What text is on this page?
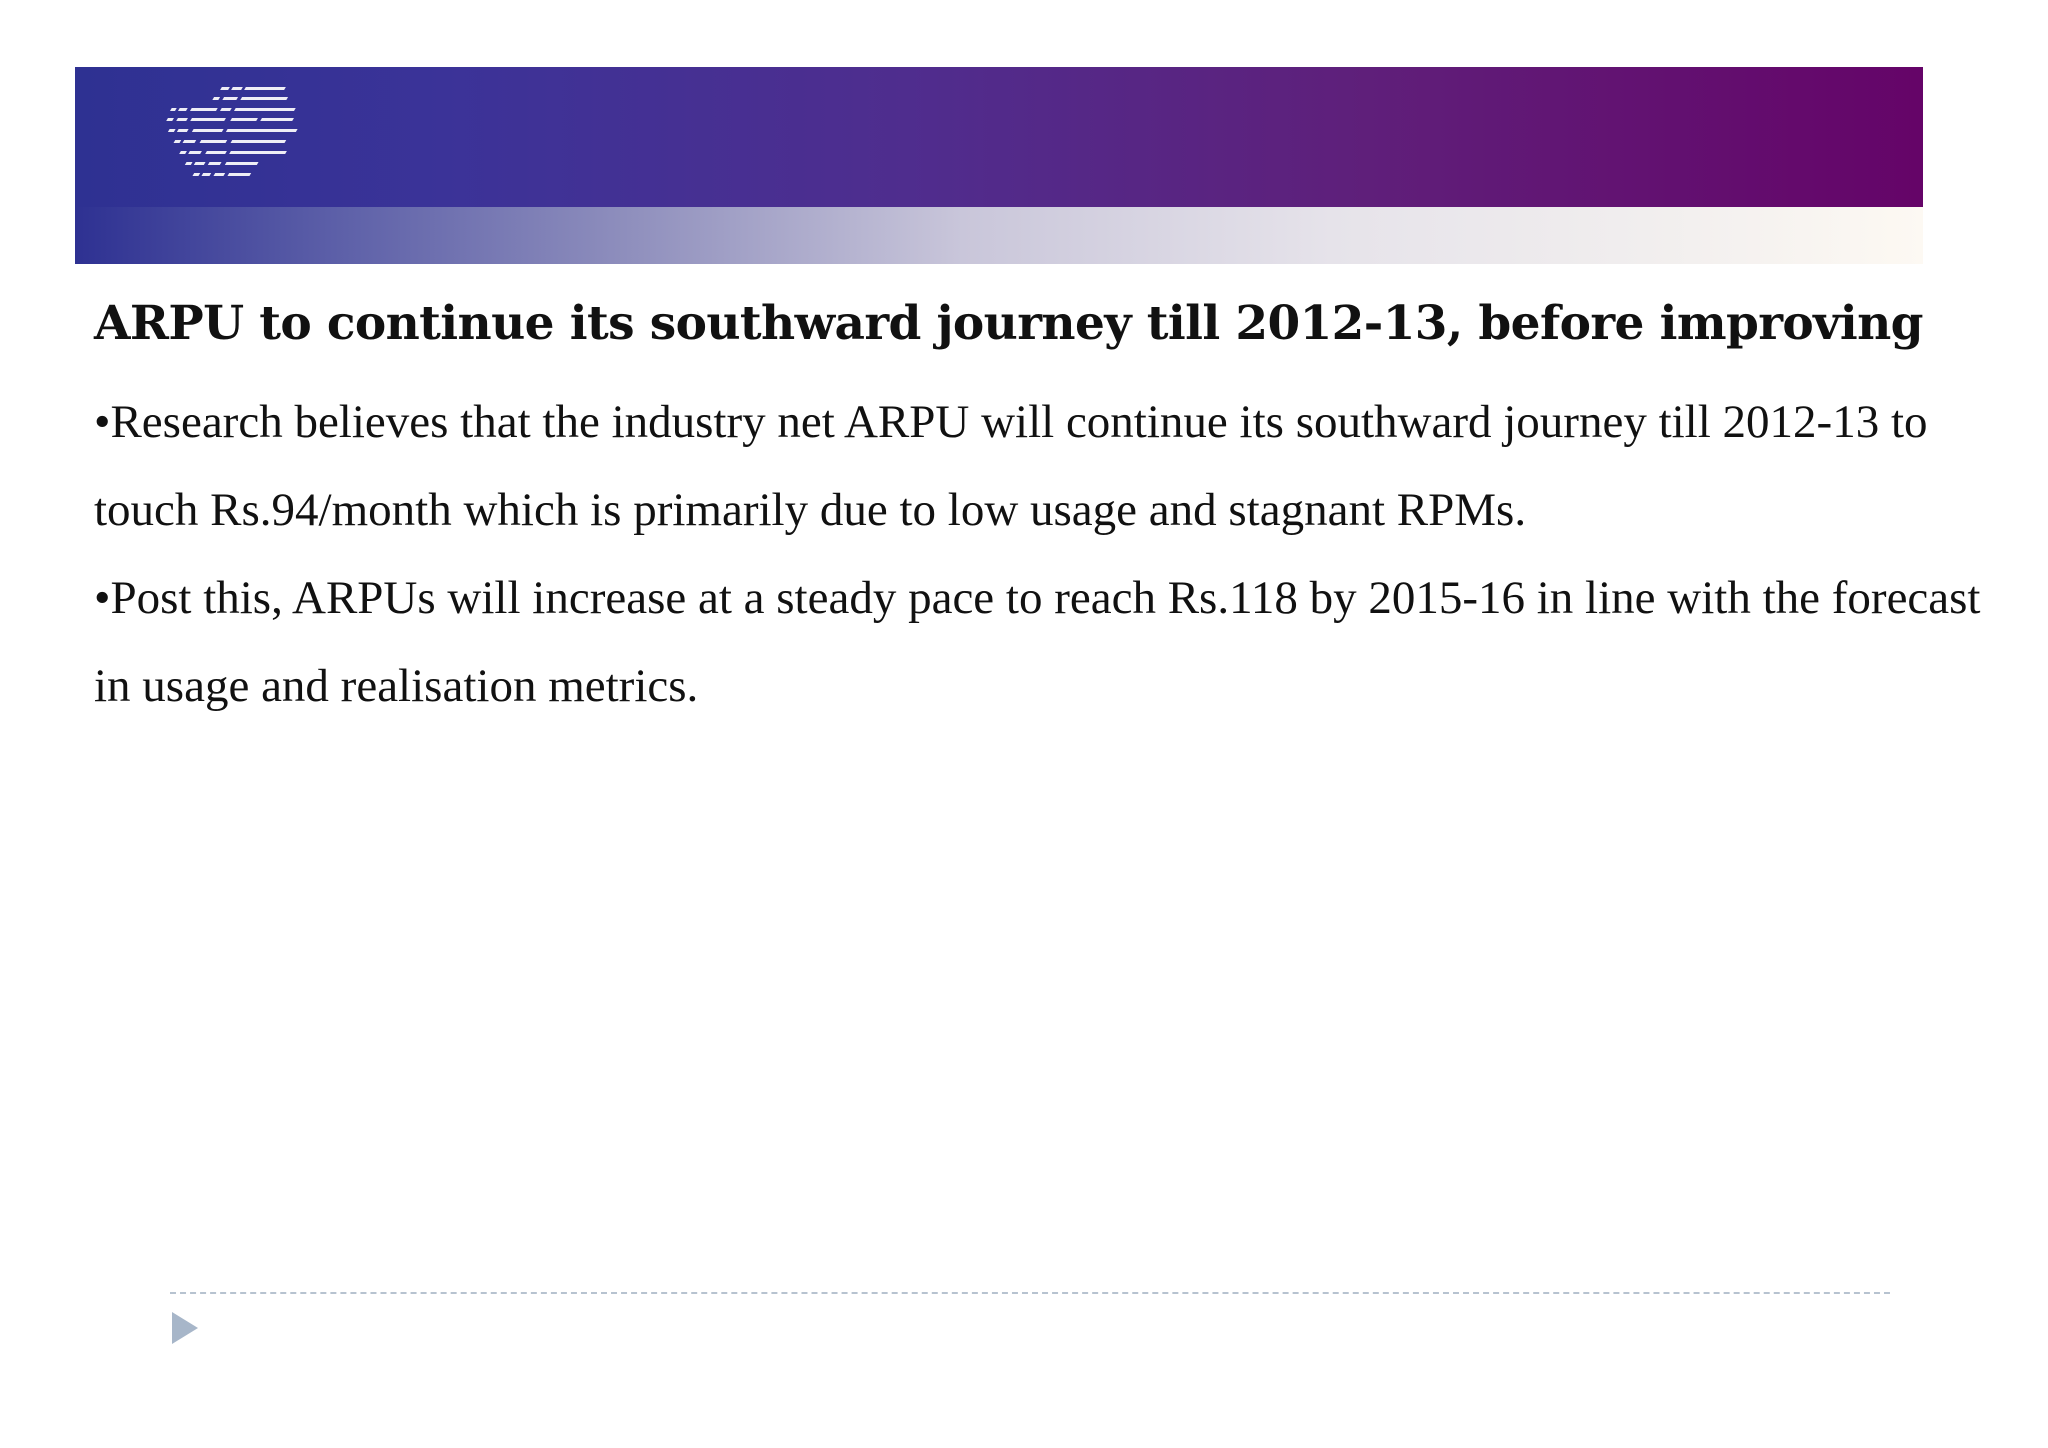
ARPU to continue its southward journey till 2012-13, before improving

•Research believes that the industry net ARPU will continue its southward journey till 2012-13 to touch Rs.94/month which is primarily due to low usage and stagnant RPMs.

•Post this, ARPUs will increase at a steady pace to reach Rs.118 by 2015-16 in line with the forecast in usage and realisation metrics.
